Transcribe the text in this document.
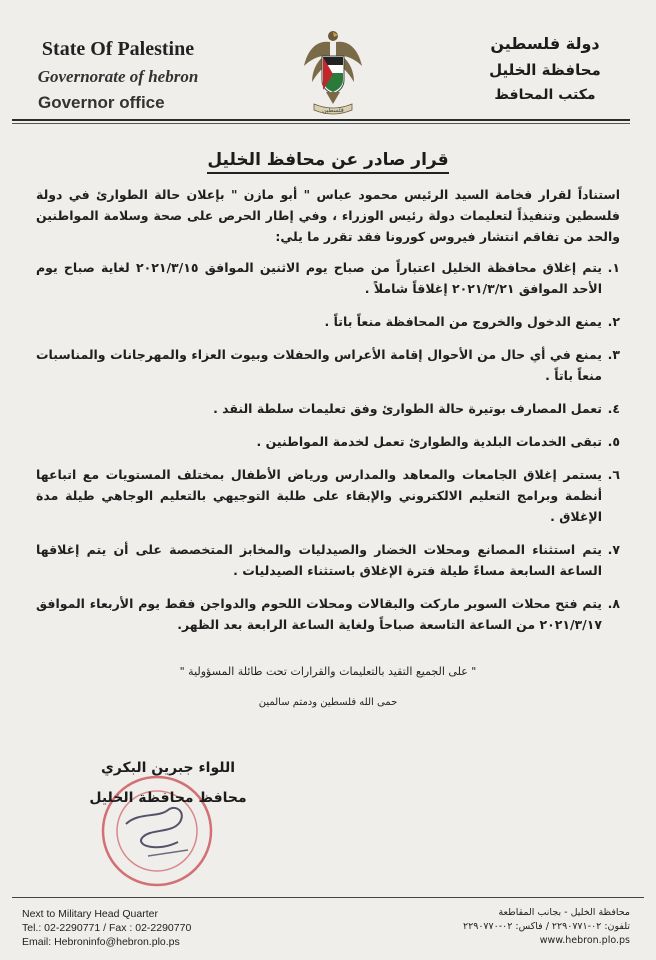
State Of Palestine
Governorate of hebron
Governor office	فلسطين
دولة فلسطين
محافظة الخليل
مكتب المحافظ
قرار صادر عن محافظ الخليل

استناداً لقرار فخامة السيد الرئيس محمود عباس " أبو مازن " بإعلان حالة الطوارئ في دولة فلسطين وتنفيذاً لتعليمات دولة رئيس الوزراء ، وفي إطار الحرص على صحة وسلامة المواطنين والحد من تفاقم انتشار فيروس كورونا فقد تقرر ما يلي:

١.
يتم إغلاق محافظة الخليل اعتباراً من صباح يوم الاثنين الموافق ٢٠٢١/٣/١٥ لغاية صباح يوم الأحد الموافق ٢٠٢١/٣/٢١ إغلاقاً شاملاً .
٢.
يمنع الدخول والخروج من المحافظة منعاً باتاً .
٣.
يمنع في أي حال من الأحوال إقامة الأعراس والحفلات وبيوت العزاء والمهرجانات والمناسبات منعاً باتاً .
٤.
تعمل المصارف بوتيرة حالة الطوارئ وفق تعليمات سلطة النقد .
٥.
تبقى الخدمات البلدية والطوارئ تعمل لخدمة المواطنين .
٦.
يستمر إغلاق الجامعات والمعاهد والمدارس ورياض الأطفال بمختلف المستويات مع اتباعها أنظمة وبرامج التعليم الالكتروني والإبقاء على طلبة التوجيهي بالتعليم الوجاهي طيلة مدة الإغلاق .
٧.
يتم استثناء المصانع ومحلات الخضار والصيدليات والمخابز المتخصصة على أن يتم إغلاقها الساعة السابعة مساءً طيلة فترة الإغلاق باستثناء الصيدليات .
٨.
يتم فتح محلات السوبر ماركت والبقالات ومحلات اللحوم والدواجن فقط يوم الأربعاء الموافق ٢٠٢١/٣/١٧ من الساعة التاسعة صباحاً ولغاية الساعة الرابعة بعد الظهر.
" على الجميع التقيد بالتعليمات والقرارات تحت طائلة المسؤولية "
حمى الله فلسطين ودمتم سالمين
اللواء جبرين البكري
محافظ محافظة الخليل
Next to Military Head Quarter
Tel.: 02-2290771 / Fax : 02-2290770
Email: Hebroninfo@hebron.plo.ps
محافظة الخليل - بجانب المقاطعة
تلفون: ٠٢-٢٢٩٠٧٧١ / فاكس: ٠٢-٢٢٩٠٧٧٠
www.hebron.plo.ps
